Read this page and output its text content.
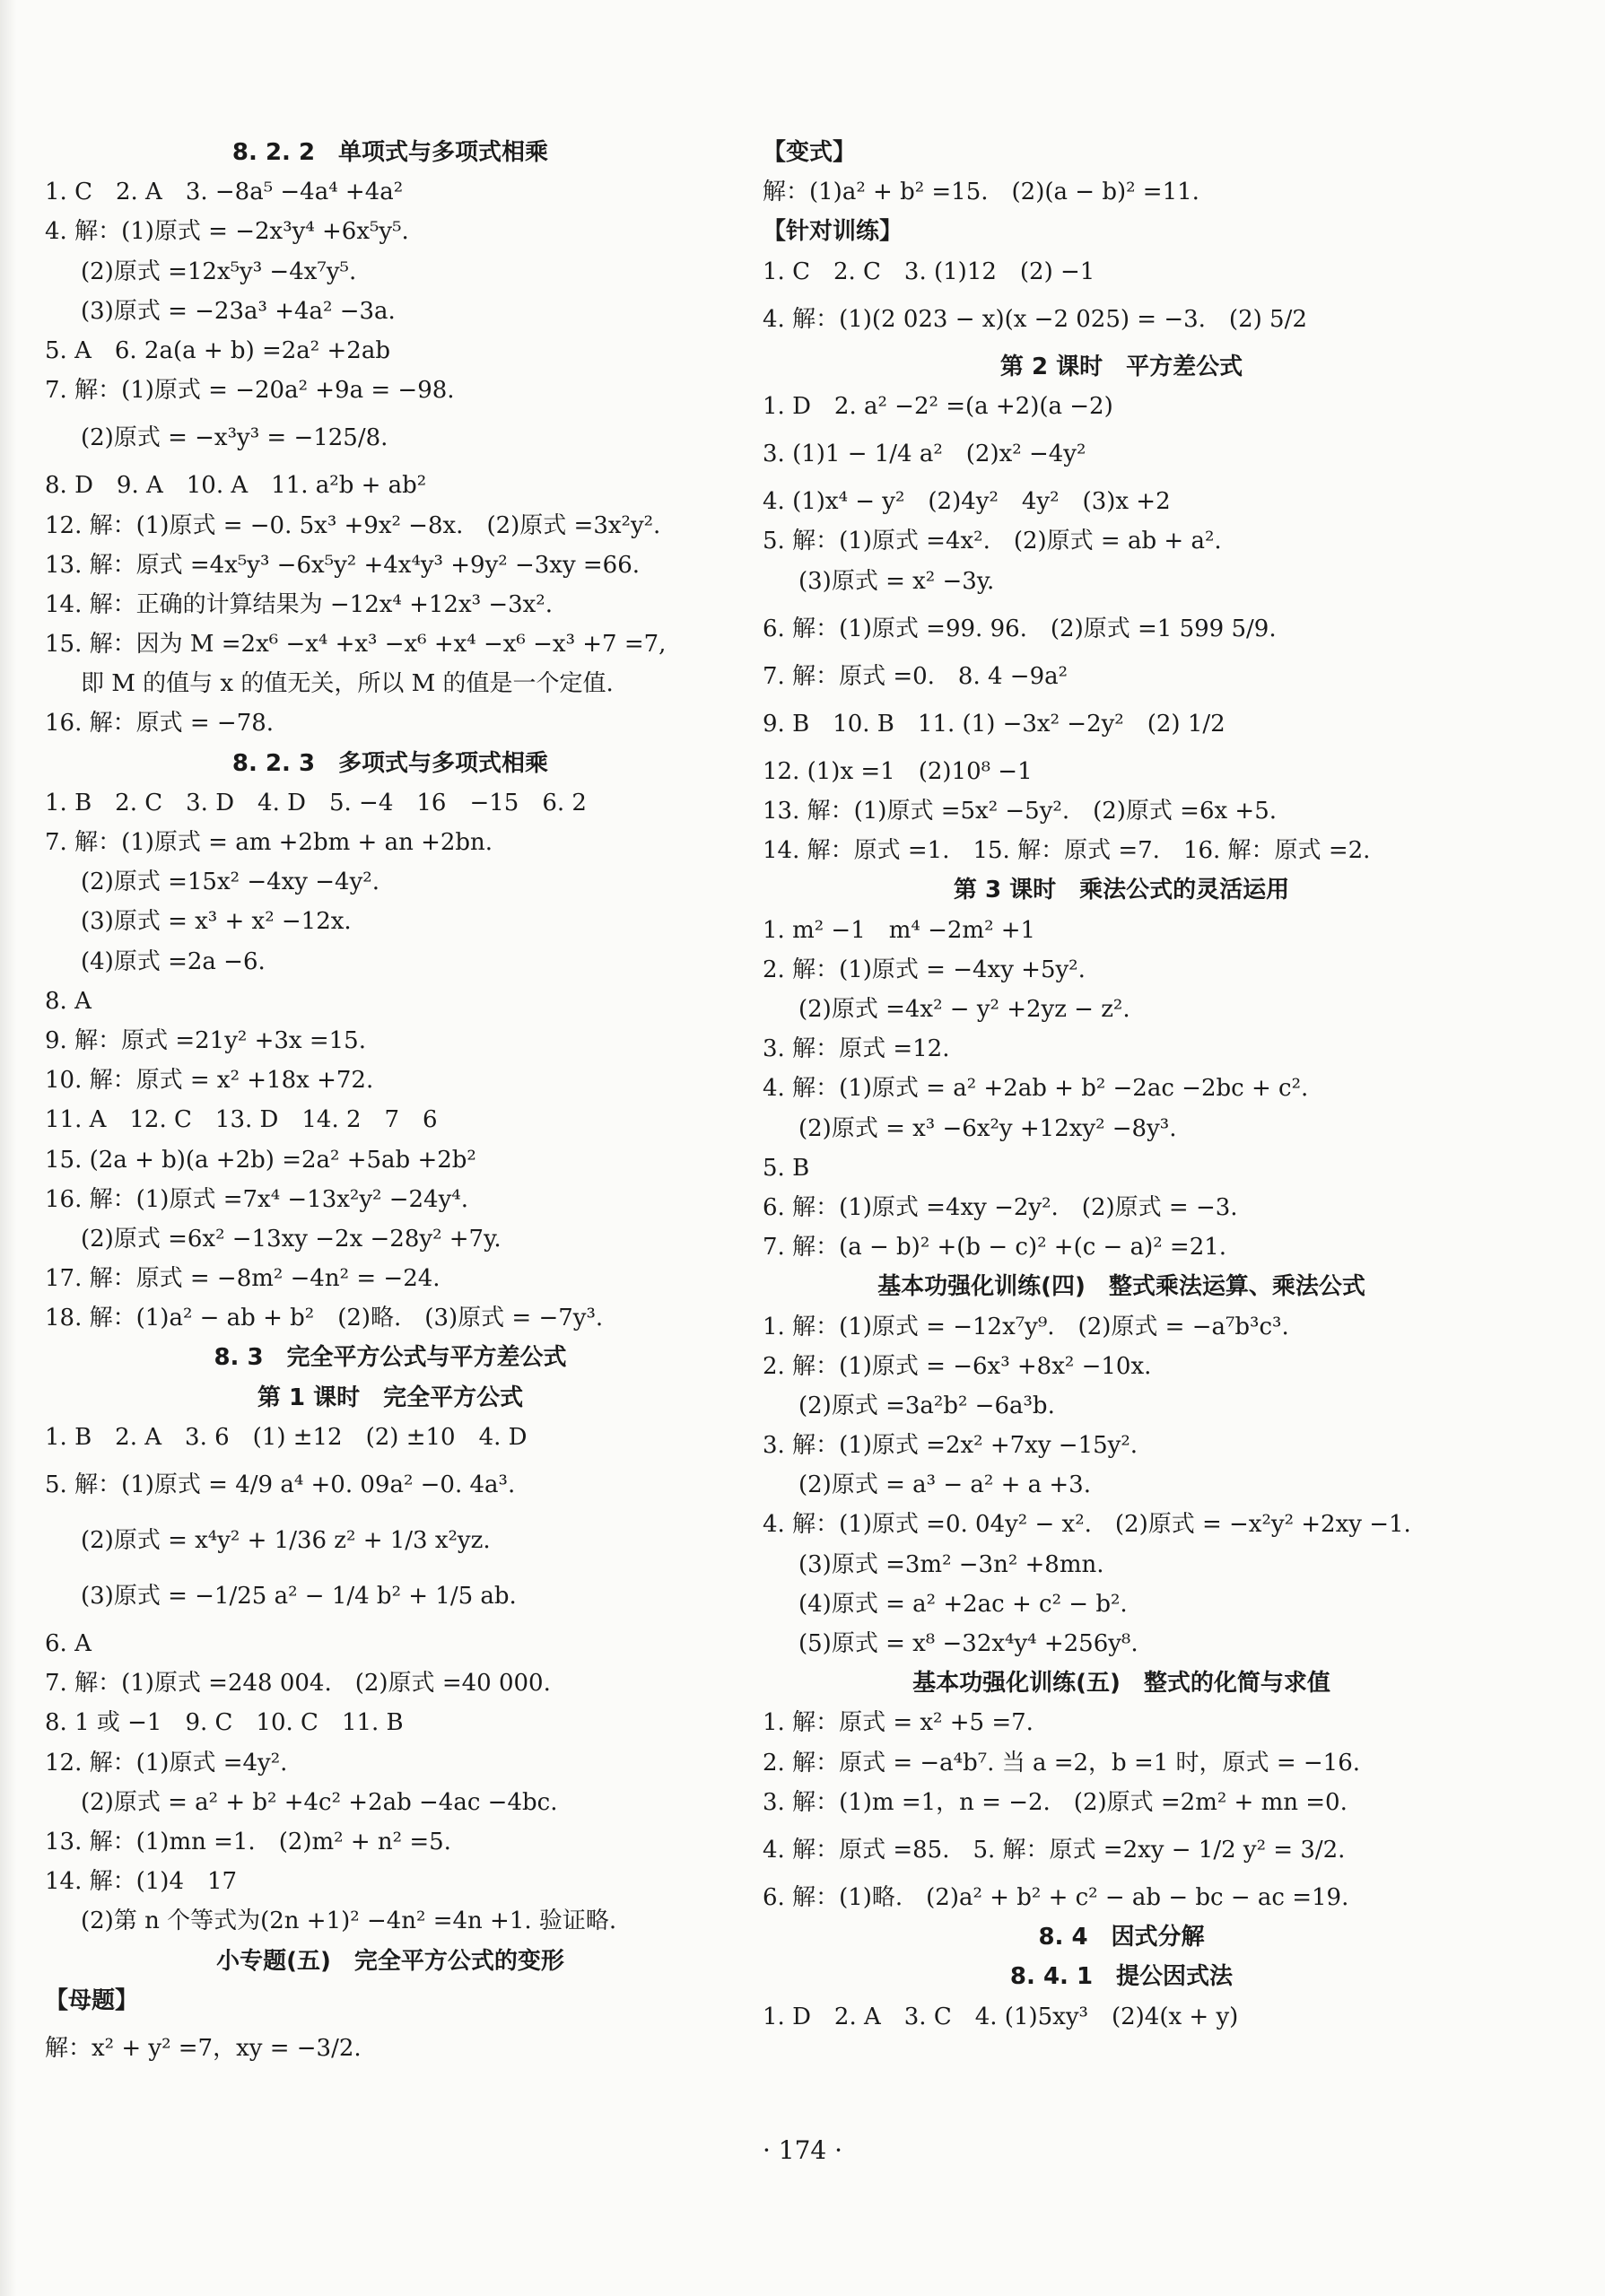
8. 2. 2　单项式与多项式相乘
1. C　2. A　3. −8a⁵ −4a⁴ +4a²
4. 解：(1)原式 = −2x³y⁴ +6x⁵y⁵.
(2)原式 =12x⁵y³ −4x⁷y⁵.
(3)原式 = −23a³ +4a² −3a.
5. A　6. 2a(a + b) =2a² +2ab
7. 解：(1)原式 = −20a² +9a = −98.
(2)原式 = −x³y³ = −125/8.
8. D　9. A　10. A　11. a²b + ab²
12. 解：(1)原式 = −0. 5x³ +9x² −8x.　(2)原式 =3x²y².
13. 解：原式 =4x⁵y³ −6x⁵y² +4x⁴y³ +9y² −3xy =66.
14. 解：正确的计算结果为 −12x⁴ +12x³ −3x².
15. 解：因为 M =2x⁶ −x⁴ +x³ −x⁶ +x⁴ −x⁶ −x³ +7 =7,
即 M 的值与 x 的值无关，所以 M 的值是一个定值.
16. 解：原式 = −78.
8. 2. 3　多项式与多项式相乘
1. B　2. C　3. D　4. D　5. −4　16　−15　6. 2
7. 解：(1)原式 = am +2bm + an +2bn.
(2)原式 =15x² −4xy −4y².
(3)原式 = x³ + x² −12x.
(4)原式 =2a −6.
8. A
9. 解：原式 =21y² +3x =15.
10. 解：原式 = x² +18x +72.
11. A　12. C　13. D　14. 2　7　6
15. (2a + b)(a +2b) =2a² +5ab +2b²
16. 解：(1)原式 =7x⁴ −13x²y² −24y⁴.
(2)原式 =6x² −13xy −2x −28y² +7y.
17. 解：原式 = −8m² −4n² = −24.
18. 解：(1)a² − ab + b²　(2)略.　(3)原式 = −7y³.
8. 3　完全平方公式与平方差公式
第 1 课时　完全平方公式
1. B　2. A　3. 6　(1) ±12　(2) ±10　4. D
5. 解：(1)原式 = 4/9 a⁴ +0. 09a² −0. 4a³.
(2)原式 = x⁴y² + 1/36 z² + 1/3 x²yz.
(3)原式 = −1/25 a² − 1/4 b² + 1/5 ab.
6. A
7. 解：(1)原式 =248 004.　(2)原式 =40 000.
8. 1 或 −1　9. C　10. C　11. B
12. 解：(1)原式 =4y².
(2)原式 = a² + b² +4c² +2ab −4ac −4bc.
13. 解：(1)mn =1.　(2)m² + n² =5.
14. 解：(1)4　17
(2)第 n 个等式为(2n +1)² −4n² =4n +1. 验证略.
小专题(五)　完全平方公式的变形
【母题】
解：x² + y² =7，xy = −3/2.
【变式】
解：(1)a² + b² =15.　(2)(a − b)² =11.
【针对训练】
1. C　2. C　3. (1)12　(2) −1
4. 解：(1)(2 023 − x)(x −2 025) = −3.　(2) 5/2
第 2 课时　平方差公式
1. D　2. a² −2² =(a +2)(a −2)
3. (1)1 − 1/4 a²　(2)x² −4y²
4. (1)x⁴ − y²　(2)4y²　4y²　(3)x +2
5. 解：(1)原式 =4x².　(2)原式 = ab + a².
(3)原式 = x² −3y.
6. 解：(1)原式 =99. 96.　(2)原式 =1 599 5/9.
7. 解：原式 =0.　8. 4 −9a²
9. B　10. B　11. (1) −3x² −2y²　(2) 1/2
12. (1)x =1　(2)10⁸ −1
13. 解：(1)原式 =5x² −5y².　(2)原式 =6x +5.
14. 解：原式 =1.　15. 解：原式 =7.　16. 解：原式 =2.
第 3 课时　乘法公式的灵活运用
1. m² −1　m⁴ −2m² +1
2. 解：(1)原式 = −4xy +5y².
(2)原式 =4x² − y² +2yz − z².
3. 解：原式 =12.
4. 解：(1)原式 = a² +2ab + b² −2ac −2bc + c².
(2)原式 = x³ −6x²y +12xy² −8y³.
5. B
6. 解：(1)原式 =4xy −2y².　(2)原式 = −3.
7. 解：(a − b)² +(b − c)² +(c − a)² =21.
基本功强化训练(四)　整式乘法运算、乘法公式
1. 解：(1)原式 = −12x⁷y⁹.　(2)原式 = −a⁷b³c³.
2. 解：(1)原式 = −6x³ +8x² −10x.
(2)原式 =3a²b² −6a³b.
3. 解：(1)原式 =2x² +7xy −15y².
(2)原式 = a³ − a² + a +3.
4. 解：(1)原式 =0. 04y² − x².　(2)原式 = −x²y² +2xy −1.
(3)原式 =3m² −3n² +8mn.
(4)原式 = a² +2ac + c² − b².
(5)原式 = x⁸ −32x⁴y⁴ +256y⁸.
基本功强化训练(五)　整式的化简与求值
1. 解：原式 = x² +5 =7.
2. 解：原式 = −a⁴b⁷. 当 a =2，b =1 时，原式 = −16.
3. 解：(1)m =1，n = −2.　(2)原式 =2m² + mn =0.
4. 解：原式 =85.　5. 解：原式 =2xy − 1/2 y² = 3/2.
6. 解：(1)略.　(2)a² + b² + c² − ab − bc − ac =19.
8. 4　因式分解
8. 4. 1　提公因式法
1. D　2. A　3. C　4. (1)5xy³　(2)4(x + y)
· 174 ·
